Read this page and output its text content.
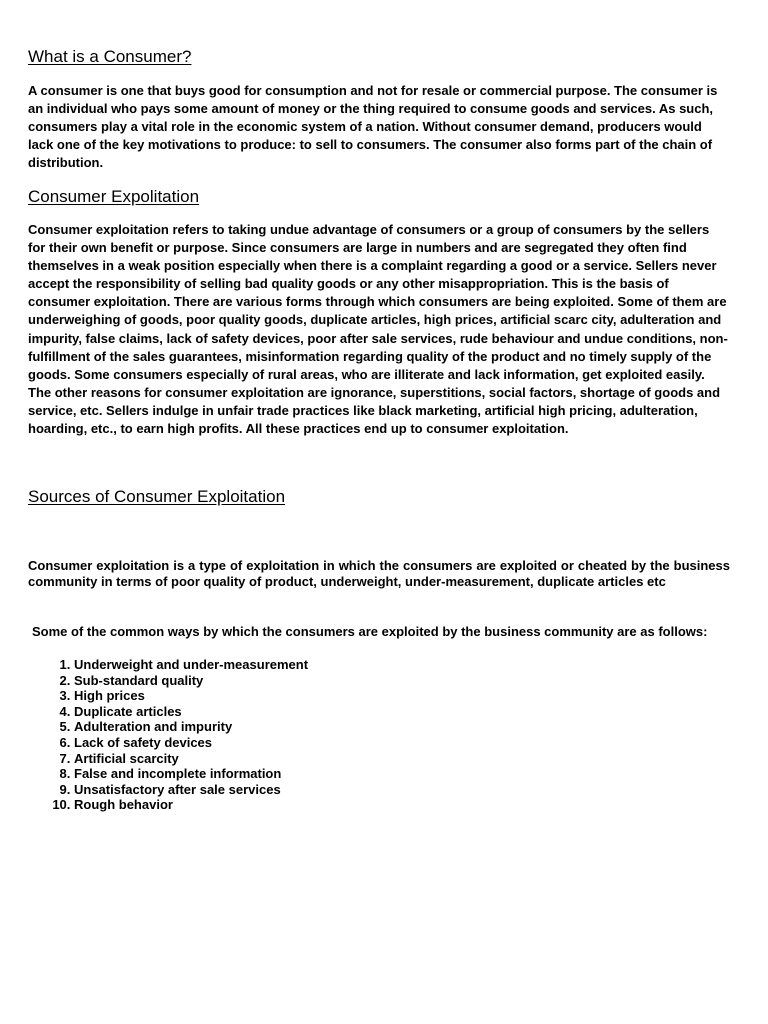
What is a Consumer?

A consumer is one that buys good for consumption and not for resale or commercial purpose. The consumer is an individual who pays some amount of money or the thing required to consume goods and services. As such, consumers play a vital role in the economic system of a nation. Without consumer demand, producers would lack one of the key motivations to produce: to sell to consumers. The consumer also forms part of the chain of distribution.

Consumer Expolitation

Consumer exploitation refers to taking undue advantage of consumers or a group of consumers by the sellers for their own benefit or purpose. Since consumers are large in numbers and are segregated they often find themselves in a weak position especially when there is a complaint regarding a good or a service. Sellers never accept the responsibility of selling bad quality goods or any other misappropriation. This is the basis of consumer exploitation. There are various forms through which consumers are being exploited. Some of them are underweighing of goods, poor quality goods, duplicate articles, high prices, artificial scarc city, adulteration and impurity, false claims, lack of safety devices, poor after sale services, rude behaviour and undue conditions, non-fulfillment of the sales guarantees, misinformation regarding quality of the product and no timely supply of the goods. Some consumers especially of rural areas, who are illiterate and lack information, get exploited easily. The other reasons for consumer exploitation are ignorance, superstitions, social factors, shortage of goods and service, etc. Sellers indulge in unfair trade practices like black marketing, artificial high pricing, adulteration, hoarding, etc., to earn high profits. All these practices end up to consumer exploitation.

Sources of Consumer Exploitation

Consumer exploitation is a type of exploitation in which the consumers are exploited or cheated by the business community in terms of poor quality of product, underweight, under-measurement, duplicate articles etc

Some of the common ways by which the consumers are exploited by the business community are as follows:

1. Underweight and under-measurement
2. Sub-standard quality
3. High prices
4. Duplicate articles
5. Adulteration and impurity
6. Lack of safety devices
7. Artificial scarcity
8. False and incomplete information
9. Unsatisfactory after sale services
10. Rough behavior
